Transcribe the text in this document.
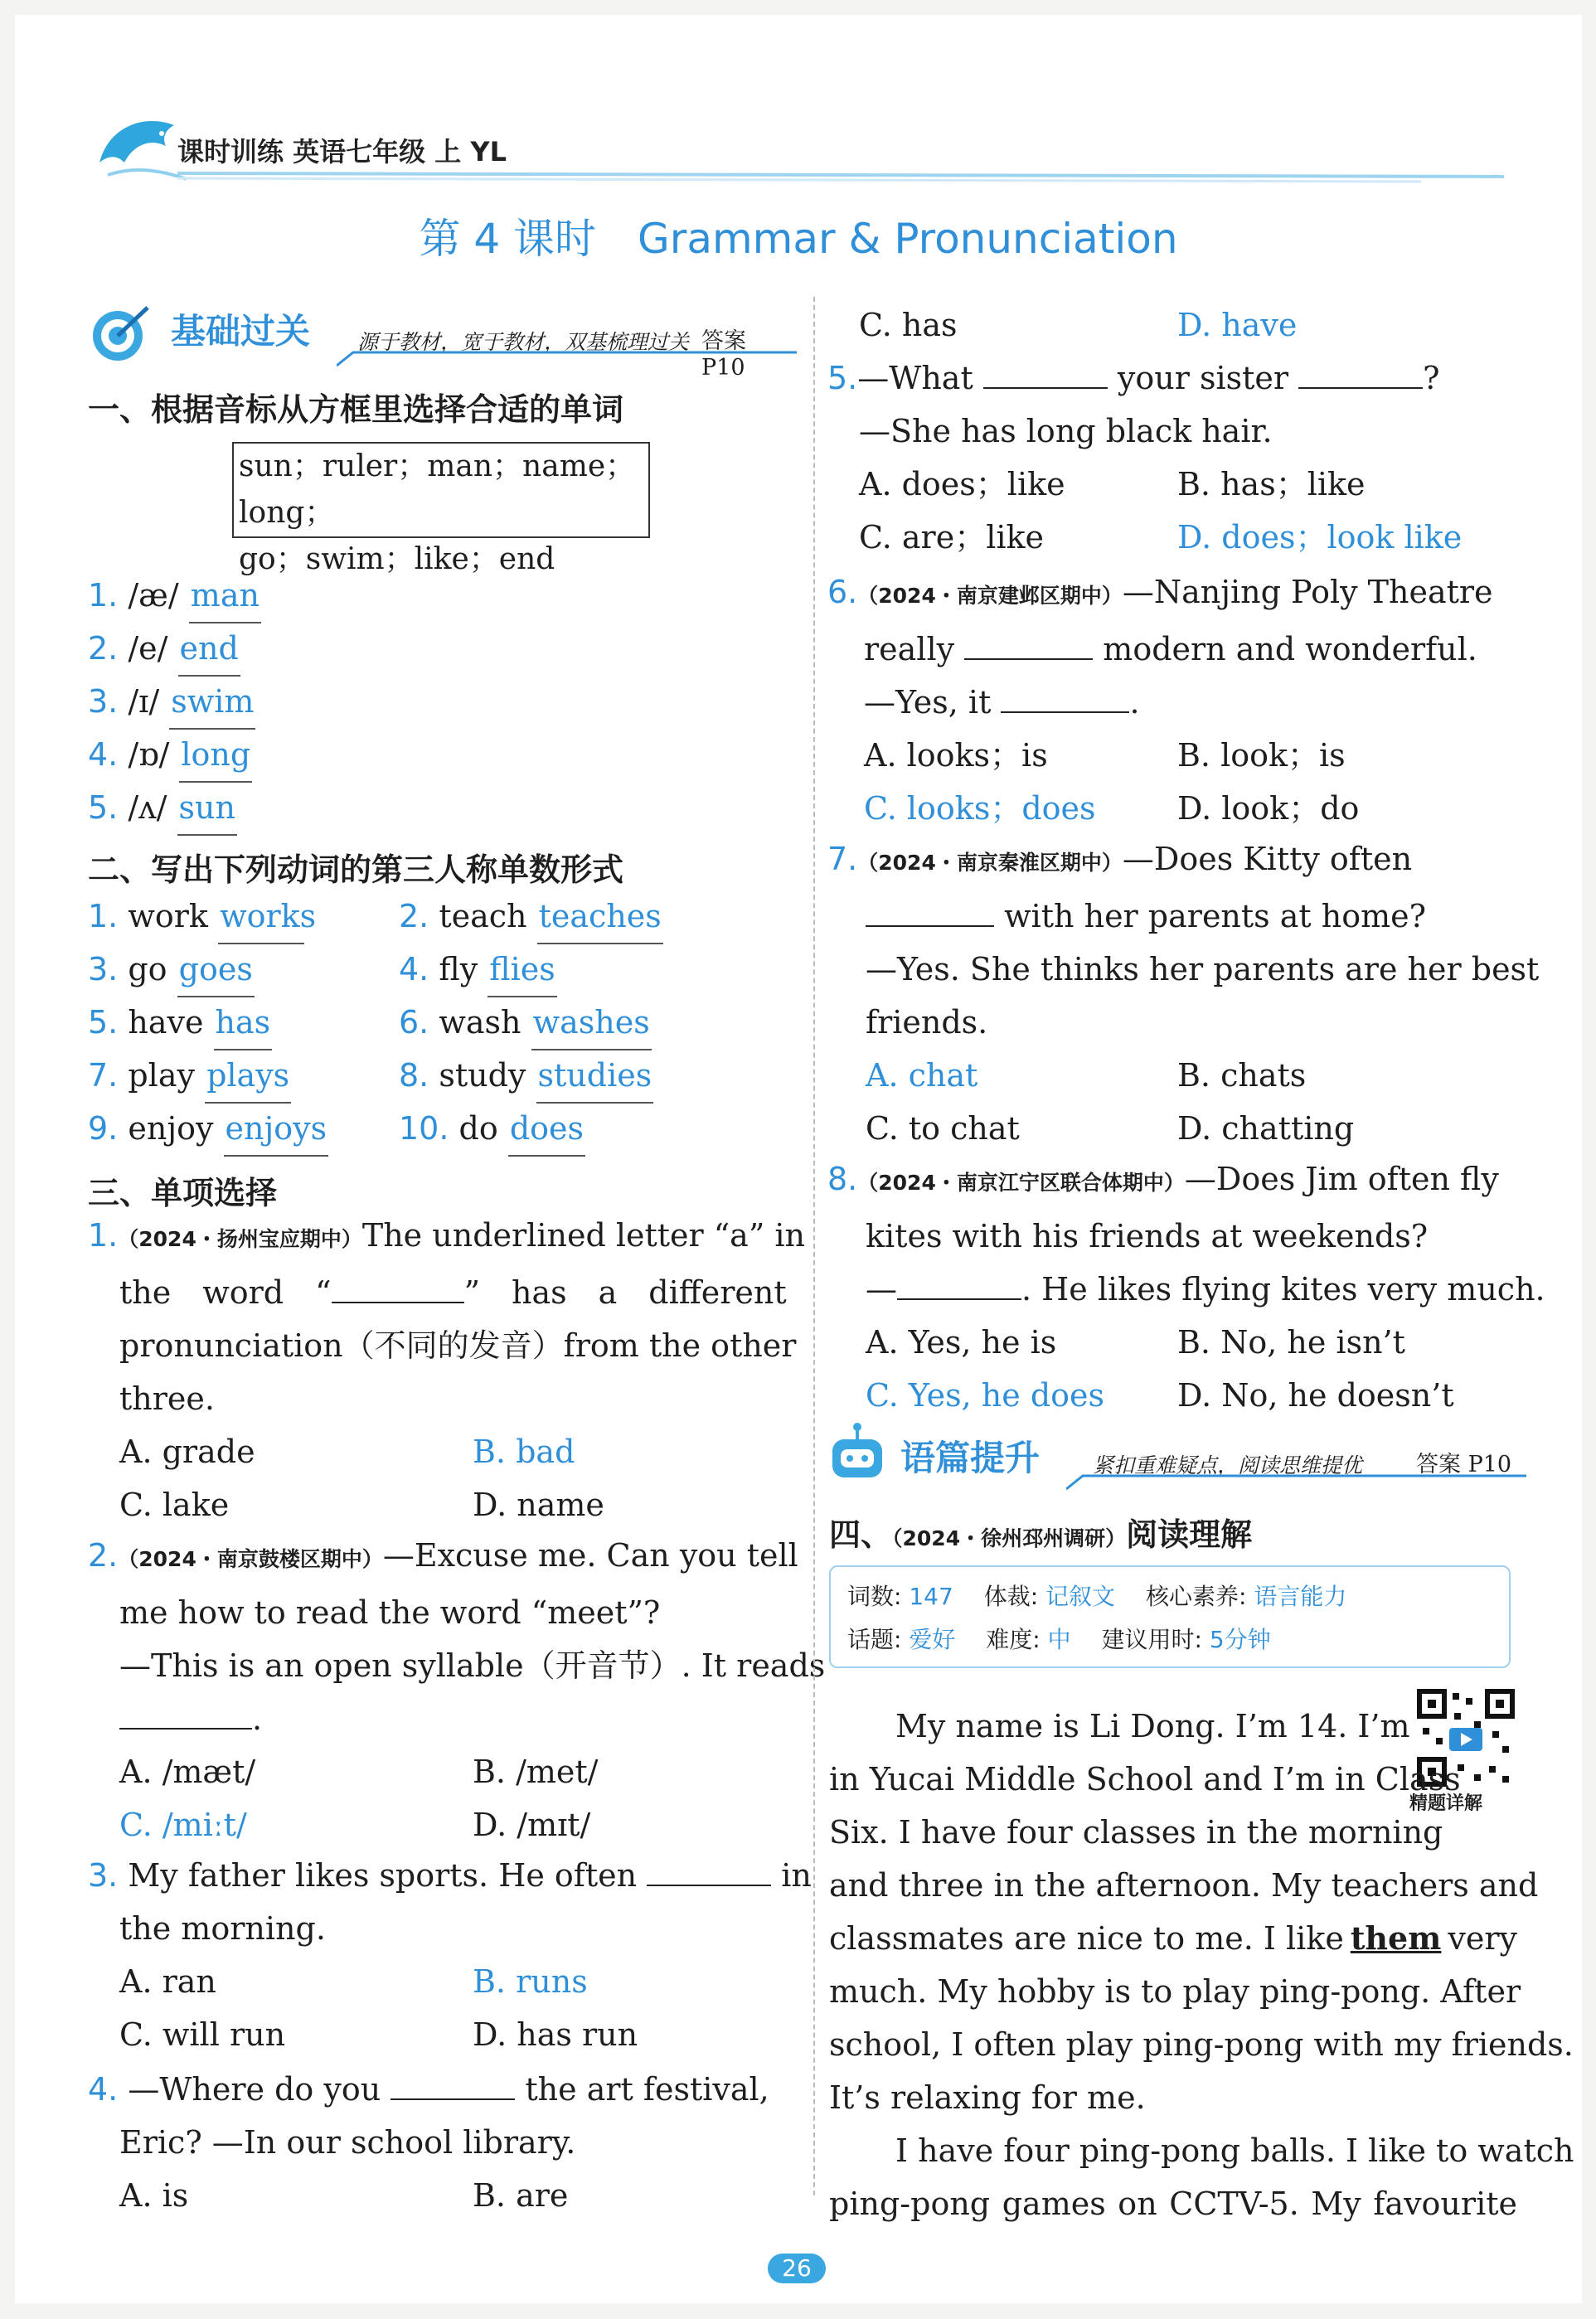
课时训练 英语七年级 上 YL
第 4 课时　Grammar & Pronunciation
基础过关 源于教材，宽于教材，双基梳理过关 答案 P10
一、根据音标从方框里选择合适的单词
sun；ruler；man；name；long；
go；swim；like；end
1. /æ/ man
2. /e/ end
3. /ɪ/ swim
4. /ɒ/ long
5. /ʌ/ sun
二、写出下列动词的第三人称单数形式
1. work works	2. teach teaches
3. go goes	4. fly flies
5. have has	6. wash washes
7. play plays	8. study studies
9. enjoy enjoys 10. do does
三、单项选择
1.（2024・扬州宝应期中）The underlined letter “a” in
the　word　“	”　has　a　different
pronunciation（不同的发音）from the other
three.
A. grade	B. bad
C. lake	D. name
2.（2024・南京鼓楼区期中）—Excuse me. Can you tell
me how to read the word “meet”?
—This is an open syllable（开音节）. It reads
.
A. /mæt/	B. /met/
C. /miːt/	D. /mɪt/
3. My father likes sports. He often	in
the morning.
A. ran	B. runs
C. will run	D. has run
4. —Where do you	the art festival,
Eric? —In our school library.
A. is	B. are
C. has	D. have
5.—What	your sister	?
—She has long black hair.
A. does；like	B. has；like
C. are；like	D. does；look like
6.（2024・南京建邺区期中）—Nanjing Poly Theatre
really	modern and wonderful.
—Yes, it	.
A. looks；is	B. look；is
C. looks；does	D. look；do
7.（2024・南京秦淮区期中）—Does Kitty often
with her parents at home?
—Yes. She thinks her parents are her best
friends.
A. chat	B. chats
C. to chat	D. chatting
8.（2024・南京江宁区联合体期中）—Does Jim often fly
kites with his friends at weekends?
—	. He likes flying kites very much.
A. Yes, he is	B. No, he isn’t
C. Yes, he does D. No, he doesn’t
语篇提升	紧扣重难疑点，阅读思维提优 答案 P10
四、（2024・徐州邳州调研）阅读理解
词数: 147　 体裁: 记叙文　 核心素养: 语言能力
话题: 爱好　 难度: 中　 建议用时: 5分钟
精题详解
My name is Li Dong. I’m 14. I’m
in Yucai Middle School and I’m in Class
Six. I have four classes in the morning
and three in the afternoon. My teachers and
classmates are nice to me. I like them very
much. My hobby is to play ping-pong. After
school, I often play ping-pong with my friends.
It’s relaxing for me.
I have four ping-pong balls. I like to watch
ping-pong games on CCTV-5. My favourite
26
